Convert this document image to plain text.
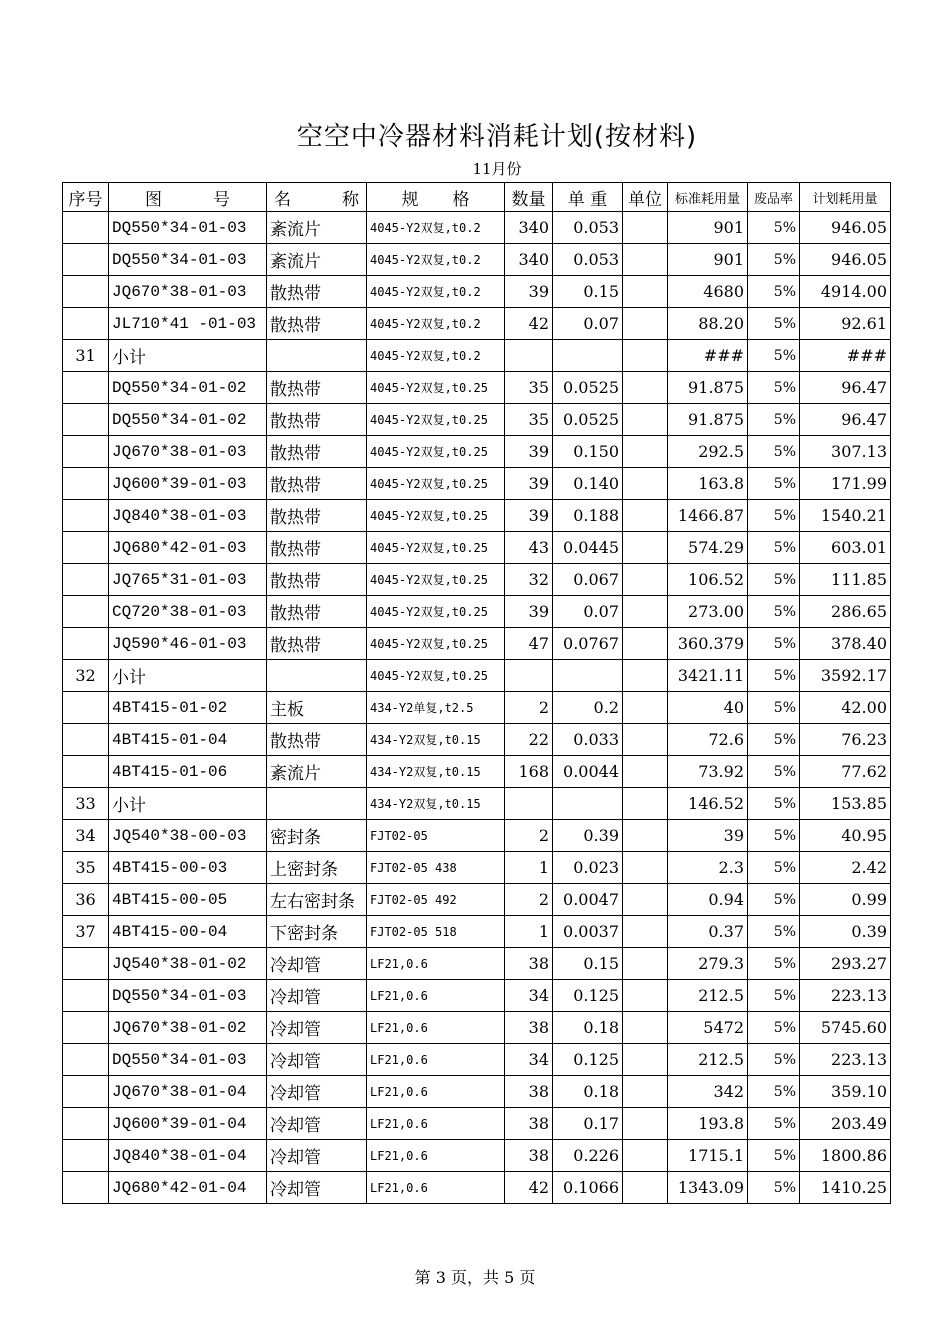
空空中冷器材料消耗计划(按材料)
11月份
序号	图　　　号	名　　　称	规　　格	数量	单 重	单位	标准耗用量	废品率	计划耗用量
	DQ550*34-01-03	紊流片	4045-Y2双复,t0.2	340	0.053		901	5%	946.05
	DQ550*34-01-03	紊流片	4045-Y2双复,t0.2	340	0.053		901	5%	946.05
	JQ670*38-01-03	散热带	4045-Y2双复,t0.2	39	0.15		4680	5%	4914.00
	JL710*41 -01-03	散热带	4045-Y2双复,t0.2	42	0.07		88.20	5%	92.61
31	小计		4045-Y2双复,t0.2				###	5%	###
	DQ550*34-01-02	散热带	4045-Y2双复,t0.25	35	0.0525		91.875	5%	96.47
	DQ550*34-01-02	散热带	4045-Y2双复,t0.25	35	0.0525		91.875	5%	96.47
	JQ670*38-01-03	散热带	4045-Y2双复,t0.25	39	0.150		292.5	5%	307.13
	JQ600*39-01-03	散热带	4045-Y2双复,t0.25	39	0.140		163.8	5%	171.99
	JQ840*38-01-03	散热带	4045-Y2双复,t0.25	39	0.188		1466.87	5%	1540.21
	JQ680*42-01-03	散热带	4045-Y2双复,t0.25	43	0.0445		574.29	5%	603.01
	JQ765*31-01-03	散热带	4045-Y2双复,t0.25	32	0.067		106.52	5%	111.85
	CQ720*38-01-03	散热带	4045-Y2双复,t0.25	39	0.07		273.00	5%	286.65
	JQ590*46-01-03	散热带	4045-Y2双复,t0.25	47	0.0767		360.379	5%	378.40
32	小计		4045-Y2双复,t0.25				3421.11	5%	3592.17
	4BT415-01-02	主板	434-Y2单复,t2.5	2	0.2		40	5%	42.00
	4BT415-01-04	散热带	434-Y2双复,t0.15	22	0.033		72.6	5%	76.23
	4BT415-01-06	紊流片	434-Y2双复,t0.15	168	0.0044		73.92	5%	77.62
33	小计		434-Y2双复,t0.15				146.52	5%	153.85
34	JQ540*38-00-03	密封条	FJT02-05	2	0.39		39	5%	40.95
35	4BT415-00-03	上密封条	FJT02-05 438	1	0.023		2.3	5%	2.42
36	4BT415-00-05	左右密封条	FJT02-05 492	2	0.0047		0.94	5%	0.99
37	4BT415-00-04	下密封条	FJT02-05 518	1	0.0037		0.37	5%	0.39
	JQ540*38-01-02	冷却管	LF21,0.6	38	0.15		279.3	5%	293.27
	DQ550*34-01-03	冷却管	LF21,0.6	34	0.125		212.5	5%	223.13
	JQ670*38-01-02	冷却管	LF21,0.6	38	0.18		5472	5%	5745.60
	DQ550*34-01-03	冷却管	LF21,0.6	34	0.125		212.5	5%	223.13
	JQ670*38-01-04	冷却管	LF21,0.6	38	0.18		342	5%	359.10
	JQ600*39-01-04	冷却管	LF21,0.6	38	0.17		193.8	5%	203.49
	JQ840*38-01-04	冷却管	LF21,0.6	38	0.226		1715.1	5%	1800.86
	JQ680*42-01-04	冷却管	LF21,0.6	42	0.1066		1343.09	5%	1410.25
第 3 页，共 5 页
